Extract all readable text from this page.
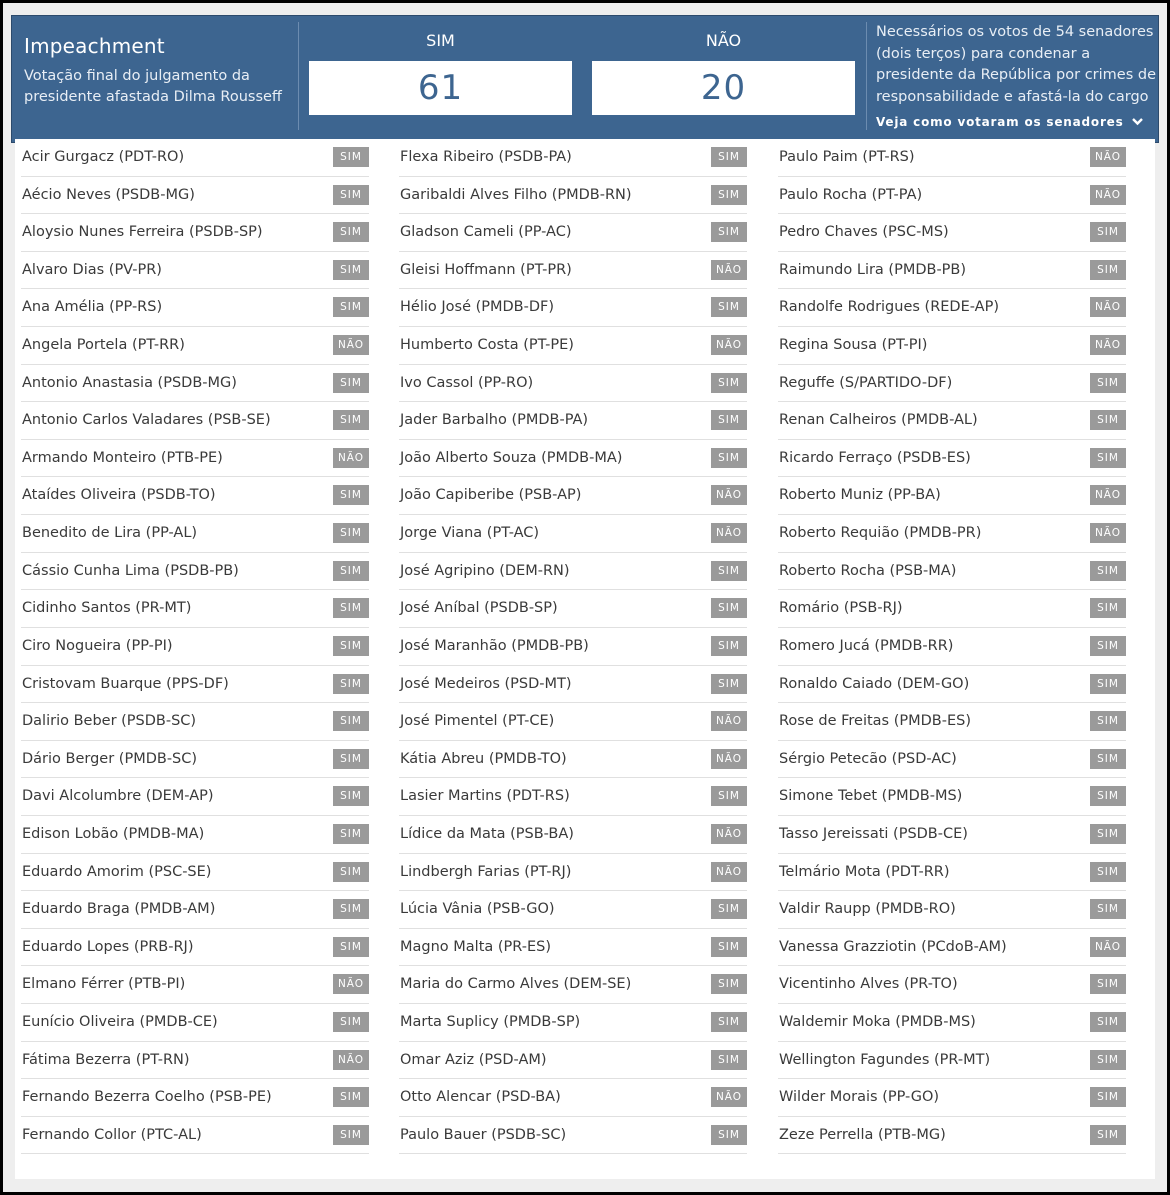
Impeachment
Votação final do julgamento da presidente afastada Dilma Rousseff
SIM
61
NÃO
20
Necessários os votos de 54 senadores (dois terços) para condenar a presidente da República por crimes de responsabilidade e afastá-la do cargo
Veja como votaram os senadores
Acir Gurgacz (PDT-RO)	SIM
Aécio Neves (PSDB-MG)	SIM
Aloysio Nunes Ferreira (PSDB-SP)	SIM
Alvaro Dias (PV-PR)	SIM
Ana Amélia (PP-RS)	SIM
Angela Portela (PT-RR)	NÃO
Antonio Anastasia (PSDB-MG)	SIM
Antonio Carlos Valadares (PSB-SE)	SIM
Armando Monteiro (PTB-PE)	NÃO
Ataídes Oliveira (PSDB-TO)	SIM
Benedito de Lira (PP-AL)	SIM
Cássio Cunha Lima (PSDB-PB)	SIM
Cidinho Santos (PR-MT)	SIM
Ciro Nogueira (PP-PI)	SIM
Cristovam Buarque (PPS-DF)	SIM
Dalirio Beber (PSDB-SC)	SIM
Dário Berger (PMDB-SC)	SIM
Davi Alcolumbre (DEM-AP)	SIM
Edison Lobão (PMDB-MA)	SIM
Eduardo Amorim (PSC-SE)	SIM
Eduardo Braga (PMDB-AM)	SIM
Eduardo Lopes (PRB-RJ)	SIM
Elmano Férrer (PTB-PI)	NÃO
Eunício Oliveira (PMDB-CE)	SIM
Fátima Bezerra (PT-RN)	NÃO
Fernando Bezerra Coelho (PSB-PE)	SIM
Fernando Collor (PTC-AL)	SIM
Flexa Ribeiro (PSDB-PA)	SIM
Garibaldi Alves Filho (PMDB-RN)	SIM
Gladson Cameli (PP-AC)	SIM
Gleisi Hoffmann (PT-PR)	NÃO
Hélio José (PMDB-DF)	SIM
Humberto Costa (PT-PE)	NÃO
Ivo Cassol (PP-RO)	SIM
Jader Barbalho (PMDB-PA)	SIM
João Alberto Souza (PMDB-MA)	SIM
João Capiberibe (PSB-AP)	NÃO
Jorge Viana (PT-AC)	NÃO
José Agripino (DEM-RN)	SIM
José Aníbal (PSDB-SP)	SIM
José Maranhão (PMDB-PB)	SIM
José Medeiros (PSD-MT)	SIM
José Pimentel (PT-CE)	NÃO
Kátia Abreu (PMDB-TO)	NÃO
Lasier Martins (PDT-RS)	SIM
Lídice da Mata (PSB-BA)	NÃO
Lindbergh Farias (PT-RJ)	NÃO
Lúcia Vânia (PSB-GO)	SIM
Magno Malta (PR-ES)	SIM
Maria do Carmo Alves (DEM-SE)	SIM
Marta Suplicy (PMDB-SP)	SIM
Omar Aziz (PSD-AM)	SIM
Otto Alencar (PSD-BA)	NÃO
Paulo Bauer (PSDB-SC)	SIM
Paulo Paim (PT-RS)	NÃO
Paulo Rocha (PT-PA)	NÃO
Pedro Chaves (PSC-MS)	SIM
Raimundo Lira (PMDB-PB)	SIM
Randolfe Rodrigues (REDE-AP)	NÃO
Regina Sousa (PT-PI)	NÃO
Reguffe (S/PARTIDO-DF)	SIM
Renan Calheiros (PMDB-AL)	SIM
Ricardo Ferraço (PSDB-ES)	SIM
Roberto Muniz (PP-BA)	NÃO
Roberto Requião (PMDB-PR)	NÃO
Roberto Rocha (PSB-MA)	SIM
Romário (PSB-RJ)	SIM
Romero Jucá (PMDB-RR)	SIM
Ronaldo Caiado (DEM-GO)	SIM
Rose de Freitas (PMDB-ES)	SIM
Sérgio Petecão (PSD-AC)	SIM
Simone Tebet (PMDB-MS)	SIM
Tasso Jereissati (PSDB-CE)	SIM
Telmário Mota (PDT-RR)	SIM
Valdir Raupp (PMDB-RO)	SIM
Vanessa Grazziotin (PCdoB-AM)	NÃO
Vicentinho Alves (PR-TO)	SIM
Waldemir Moka (PMDB-MS)	SIM
Wellington Fagundes (PR-MT)	SIM
Wilder Morais (PP-GO)	SIM
Zeze Perrella (PTB-MG)	SIM
